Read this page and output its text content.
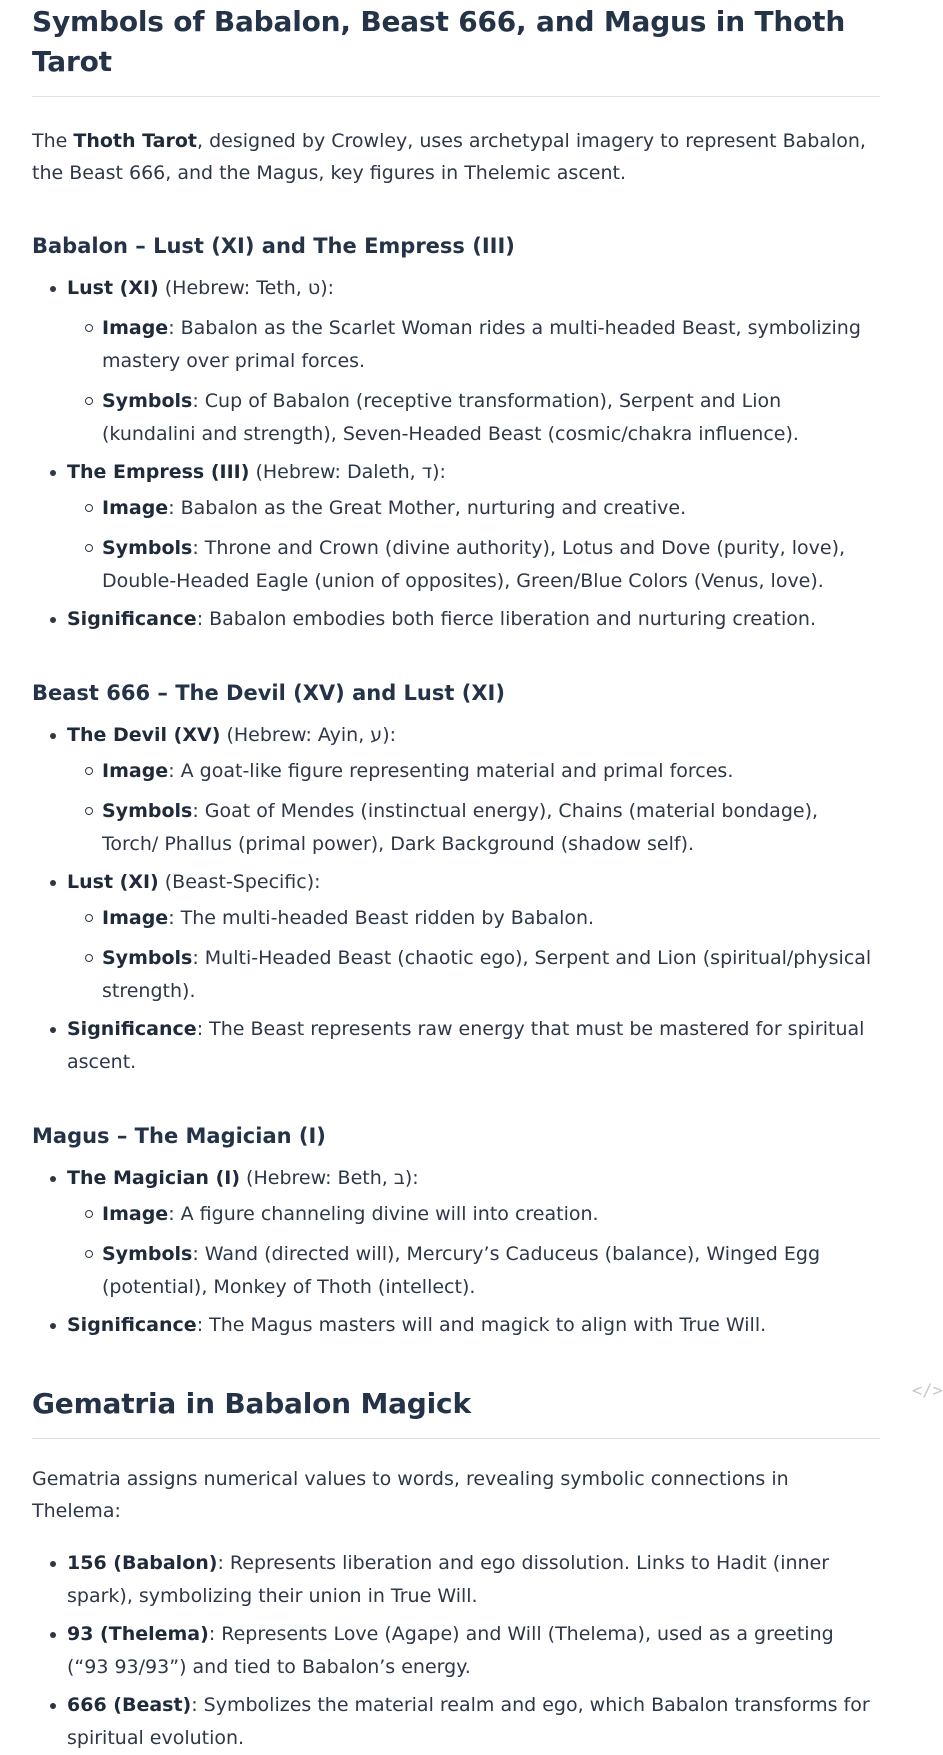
Symbols of Babalon, Beast 666, and Magus in Thoth Tarot

The Thoth Tarot, designed by Crowley, uses archetypal imagery to represent Babalon, the Beast 666, and the Magus, key figures in Thelemic ascent.

Babalon – Lust (XI) and The Empress (III)
Lust (XI) (Hebrew: Teth, ט):
Image: Babalon as the Scarlet Woman rides a multi-headed Beast, symbolizing mastery over primal forces.
Symbols: Cup of Babalon (receptive transformation), Serpent and Lion (kundalini and strength), Seven-Headed Beast (cosmic/chakra influence).
The Empress (III) (Hebrew: Daleth, ד):
Image: Babalon as the Great Mother, nurturing and creative.
Symbols: Throne and Crown (divine authority), Lotus and Dove (purity, love), Double-Headed Eagle (union of opposites), Green/Blue Colors (Venus, love).
Significance: Babalon embodies both fierce liberation and nurturing creation.
Beast 666 – The Devil (XV) and Lust (XI)
The Devil (XV) (Hebrew: Ayin, ע):
Image: A goat-like figure representing material and primal forces.
Symbols: Goat of Mendes (instinctual energy), Chains (material bondage), Torch/ Phallus (primal power), Dark Background (shadow self).
Lust (XI) (Beast-Specific):
Image: The multi-headed Beast ridden by Babalon.
Symbols: Multi-Headed Beast (chaotic ego), Serpent and Lion (spiritual/physical strength).
Significance: The Beast represents raw energy that must be mastered for spiritual ascent.
Magus – The Magician (I)
The Magician (I) (Hebrew: Beth, ב):
Image: A figure channeling divine will into creation.
Symbols: Wand (directed will), Mercury’s Caduceus (balance), Winged Egg (potential), Monkey of Thoth (intellect).
Significance: The Magus masters will and magick to align with True Will.
Gematria in Babalon Magick

Gematria assigns numerical values to words, revealing symbolic connections in Thelema:

156 (Babalon): Represents liberation and ego dissolution. Links to Hadit (inner spark), symbolizing their union in True Will.
93 (Thelema): Represents Love (Agape) and Will (Thelema), used as a greeting (“93 93/93”) and tied to Babalon’s energy.
666 (Beast): Symbolizes the material realm and ego, which Babalon transforms for spiritual evolution.
</>
